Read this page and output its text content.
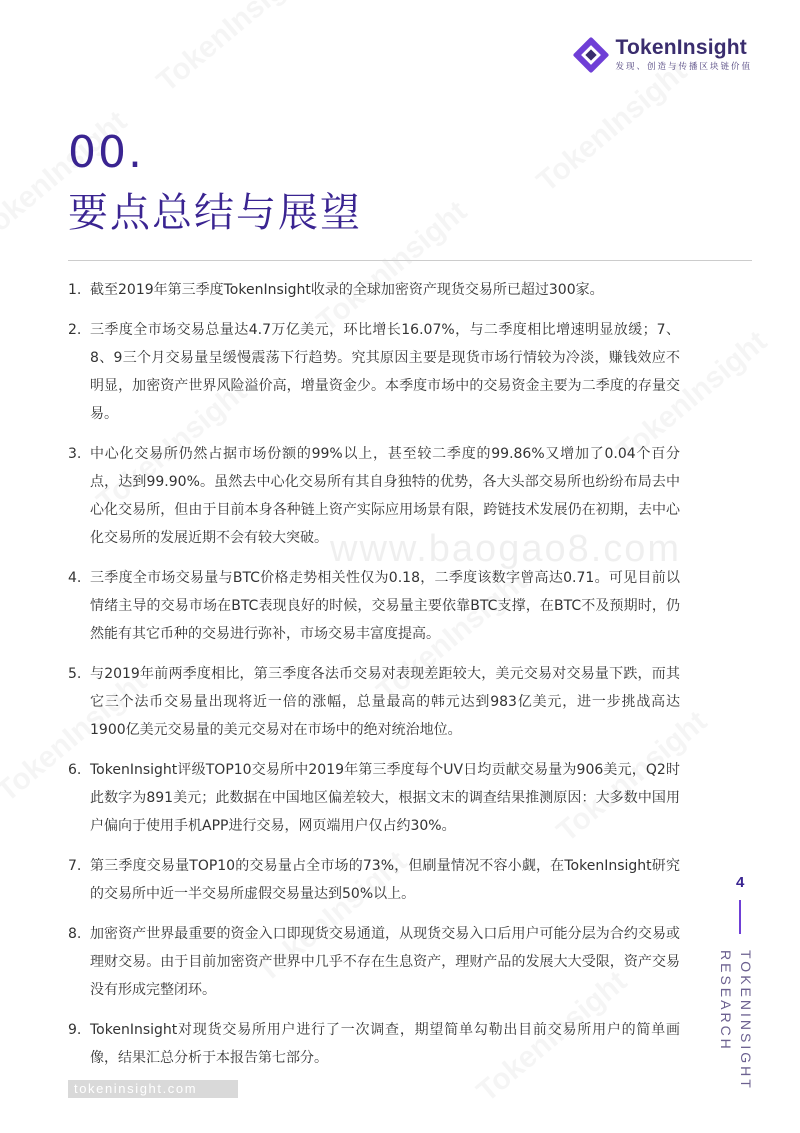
www.baogao8.com
TokenInsight
发现、创造与传播区块链价值
00.
要点总结与展望
1. 截至2019年第三季度TokenInsight收录的全球加密资产现货交易所已超过300家。
2. 三季度全市场交易总量达4.7万亿美元，环比增长16.07%，与二季度相比增速明显放缓；7、8、9三个月交易量呈缓慢震荡下行趋势。究其原因主要是现货市场行情较为冷淡，赚钱效应不明显，加密资产世界风险溢价高，增量资金少。本季度市场中的交易资金主要为二季度的存量交易。
3. 中心化交易所仍然占据市场份额的99%以上，甚至较二季度的99.86%又增加了0.04个百分点，达到99.90%。虽然去中心化交易所有其自身独特的优势，各大头部交易所也纷纷布局去中心化交易所，但由于目前本身各种链上资产实际应用场景有限，跨链技术发展仍在初期，去中心化交易所的发展近期不会有较大突破。
4. 三季度全市场交易量与BTC价格走势相关性仅为0.18，二季度该数字曾高达0.71。可见目前以情绪主导的交易市场在BTC表现良好的时候，交易量主要依靠BTC支撑，在BTC不及预期时，仍然能有其它币种的交易进行弥补，市场交易丰富度提高。
5. 与2019年前两季度相比，第三季度各法币交易对表现差距较大，美元交易对交易量下跌，而其它三个法币交易量出现将近一倍的涨幅，总量最高的韩元达到983亿美元，进一步挑战高达1900亿美元交易量的美元交易对在市场中的绝对统治地位。
6. TokenInsight评级TOP10交易所中2019年第三季度每个UV日均贡献交易量为906美元，Q2时此数字为891美元；此数据在中国地区偏差较大，根据文末的调查结果推测原因：大多数中国用户偏向于使用手机APP进行交易，网页端用户仅占约30%。
7. 第三季度交易量TOP10的交易量占全市场的73%，但刷量情况不容小觑，在TokenInsight研究的交易所中近一半交易所虚假交易量达到50%以上。
8. 加密资产世界最重要的资金入口即现货交易通道，从现货交易入口后用户可能分层为合约交易或理财交易。由于目前加密资产世界中几乎不存在生息资产，理财产品的发展大大受限，资产交易没有形成完整闭环。
9. TokenInsight对现货交易所用户进行了一次调查，期望简单勾勒出目前交易所用户的简单画像，结果汇总分析于本报告第七部分。
4
TOKENINSIGHT
RESEARCH
tokeninsight.com
